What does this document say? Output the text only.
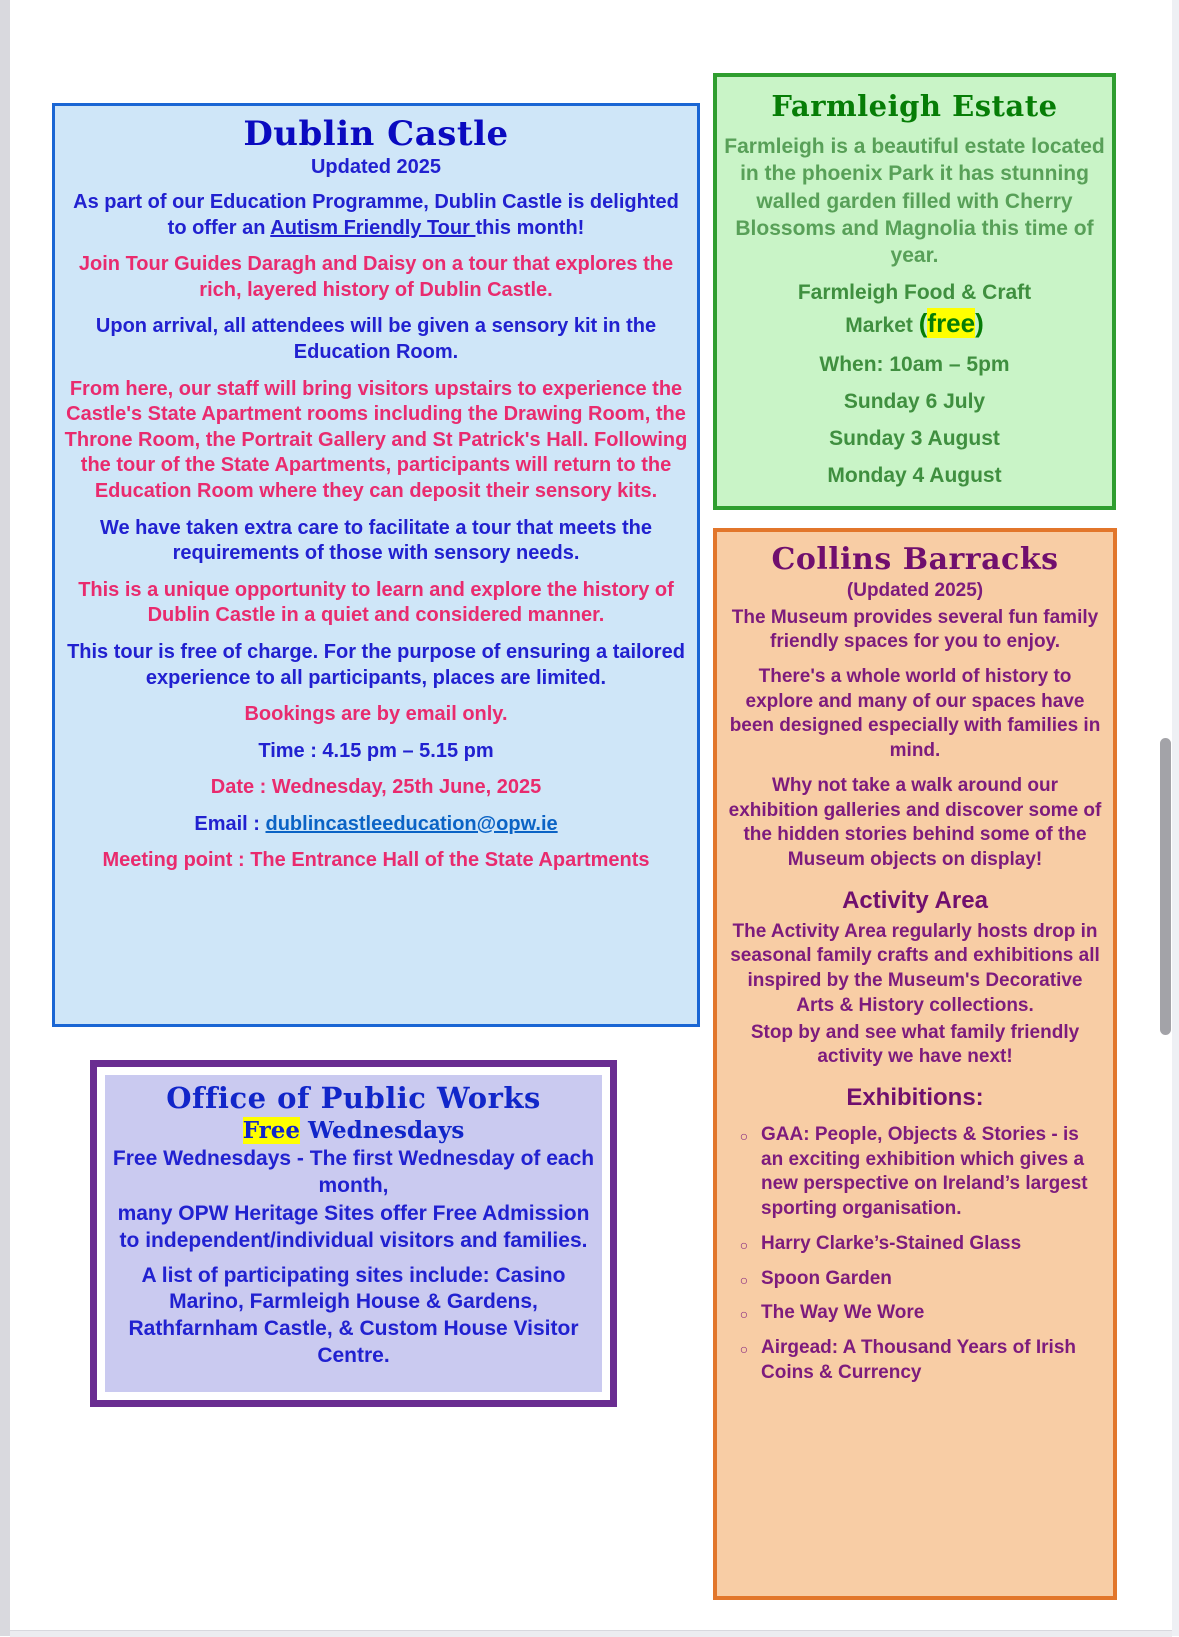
Dublin Castle
Updated 2025
As part of our Education Programme, Dublin Castle is delighted to offer an Autism Friendly Tour this month!
Join Tour Guides Daragh and Daisy on a tour that explores the rich, layered history of Dublin Castle.
Upon arrival, all attendees will be given a sensory kit in the Education Room.
From here, our staff will bring visitors upstairs to experience the Castle's State Apartment rooms including the Drawing Room, the Throne Room, the Portrait Gallery and St Patrick's Hall. Following the tour of the State Apartments, participants will return to the Education Room where they can deposit their sensory kits.
We have taken extra care to facilitate a tour that meets the requirements of those with sensory needs.
This is a unique opportunity to learn and explore the history of Dublin Castle in a quiet and considered manner.
This tour is free of charge. For the purpose of ensuring a tailored experience to all participants, places are limited.
Bookings are by email only.
Time : 4.15 pm – 5.15 pm
Date : Wednesday, 25th June, 2025
Email : dublincastleeducation@opw.ie
Meeting point : The Entrance Hall of the State Apartments
Farmleigh Estate
Farmleigh is a beautiful estate located in the phoenix Park it has stunning walled garden filled with Cherry Blossoms and Magnolia this time of year.
Farmleigh Food & Craft
Market (free)
When: 10am – 5pm
Sunday 6 July
Sunday 3 August
Monday 4 August
Collins Barracks
(Updated 2025)
The Museum provides several fun family friendly spaces for you to enjoy.
There's a whole world of history to explore and many of our spaces have been designed especially with families in mind.
Why not take a walk around our exhibition galleries and discover some of the hidden stories behind some of the Museum objects on display!
Activity Area
The Activity Area regularly hosts drop in seasonal family crafts and exhibitions all inspired by the Museum's Decorative Arts & History collections.
Stop by and see what family friendly activity we have next!
Exhibitions:
○ GAA: People, Objects & Stories - is an exciting exhibition which gives a new perspective on Ireland’s largest sporting organisation.
○ Harry Clarke’s-Stained Glass
○ Spoon Garden
○ The Way We Wore
○ Airgead: A Thousand Years of Irish Coins & Currency
Office of Public Works
Free Wednesdays
Free Wednesdays - The first Wednesday of each month,
many OPW Heritage Sites offer Free Admission to independent/individual visitors and families.
A list of participating sites include: Casino Marino, Farmleigh House & Gardens, Rathfarnham Castle, & Custom House Visitor Centre.
